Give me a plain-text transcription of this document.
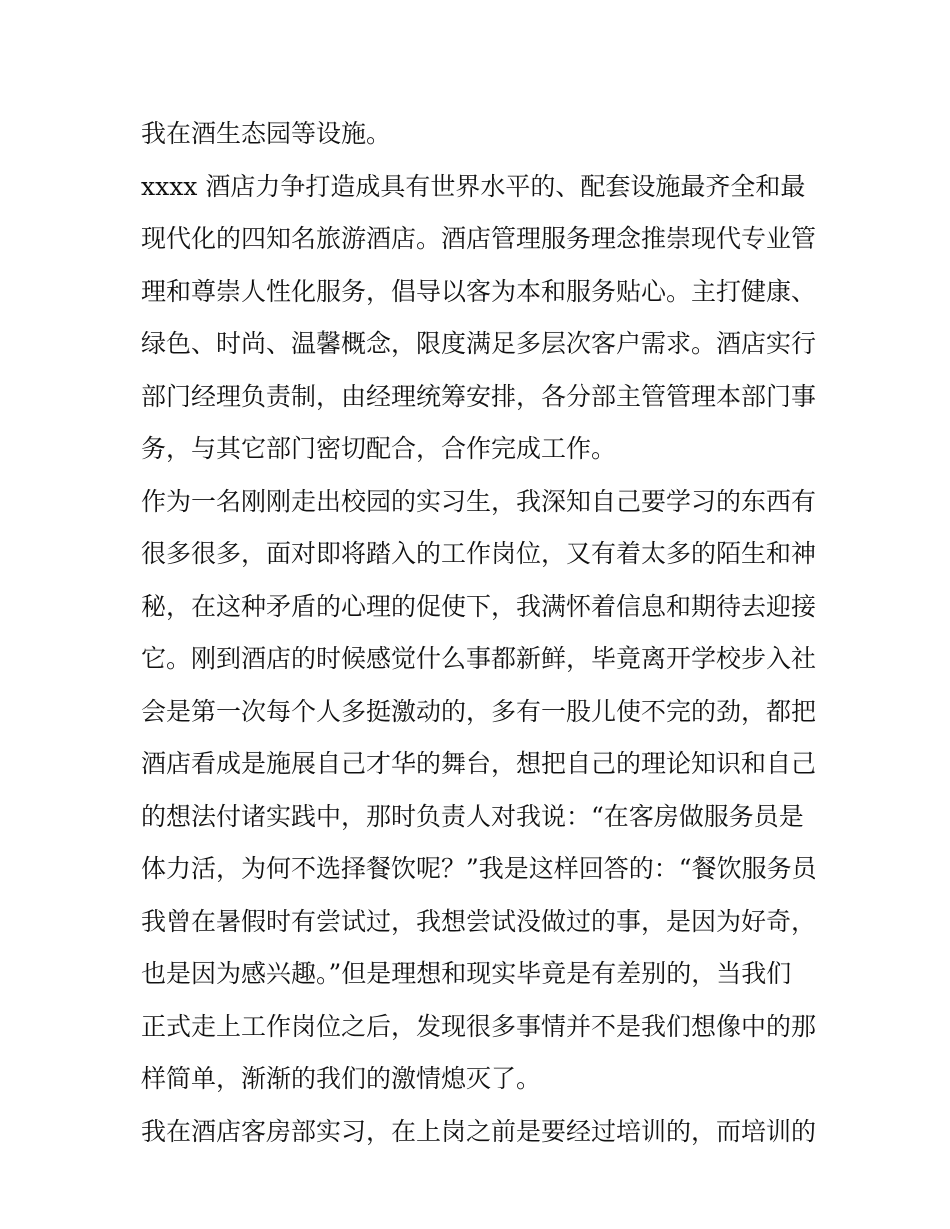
我在酒生态园等设施。
xxxx 酒店力争打造成具有世界水平的、配套设施最齐全和最
现代化的四知名旅游酒店。酒店管理服务理念推崇现代专业管
理和尊崇人性化服务，倡导以客为本和服务贴心。主打健康、
绿色、时尚、温馨概念，限度满足多层次客户需求。酒店实行
部门经理负责制，由经理统筹安排，各分部主管管理本部门事
务，与其它部门密切配合，合作完成工作。
作为一名刚刚走出校园的实习生，我深知自己要学习的东西有
很多很多，面对即将踏入的工作岗位，又有着太多的陌生和神
秘，在这种矛盾的心理的促使下，我满怀着信息和期待去迎接
它。刚到酒店的时候感觉什么事都新鲜，毕竟离开学校步入社
会是第一次每个人多挺激动的，多有一股儿使不完的劲，都把
酒店看成是施展自己才华的舞台，想把自己的理论知识和自己
的想法付诸实践中，那时负责人对我说：“在客房做服务员是
体力活，为何不选择餐饮呢？”我是这样回答的：“餐饮服务员
我曾在暑假时有尝试过，我想尝试没做过的事，是因为好奇，
也是因为感兴趣。”但是理想和现实毕竟是有差别的，当我们
正式走上工作岗位之后，发现很多事情并不是我们想像中的那
样简单，渐渐的我们的激情熄灭了。
我在酒店客房部实习，在上岗之前是要经过培训的，而培训的
